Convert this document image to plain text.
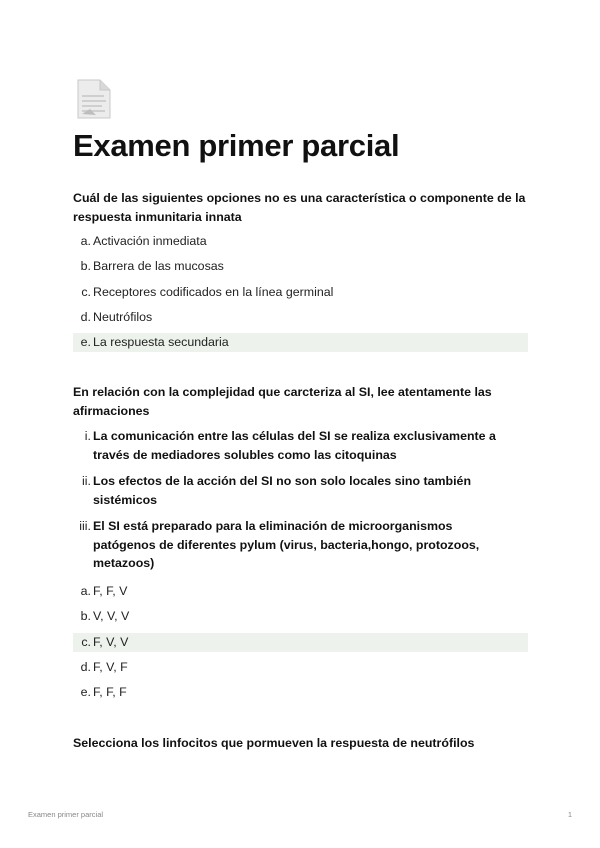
Examen primer parcial

Cuál de las siguientes opciones no es una característica o componente de la respuesta inmunitaria innata

a. Activación inmediata
b. Barrera de las mucosas
c. Receptores codificados en la línea germinal
d. Neutrófilos
e. La respuesta secundaria

En relación con la complejidad que carcteriza al SI, lee atentamente las afirmaciones

i. La comunicación entre las células del SI se realiza exclusivamente a través de mediadores solubles como las citoquinas
ii. Los efectos de la acción del SI no son solo locales sino también sistémicos
iii. El SI está preparado para la eliminación de microorganismos patógenos de diferentes pylum (virus, bacteria,hongo, protozoos, metazoos)
a. F, F, V
b. V, V, V
c. F, V, V
d. F, V, F
e. F, F, F

Selecciona los linfocitos que pormueven la respuesta de neutrófilos

Examen primer parcial	1
